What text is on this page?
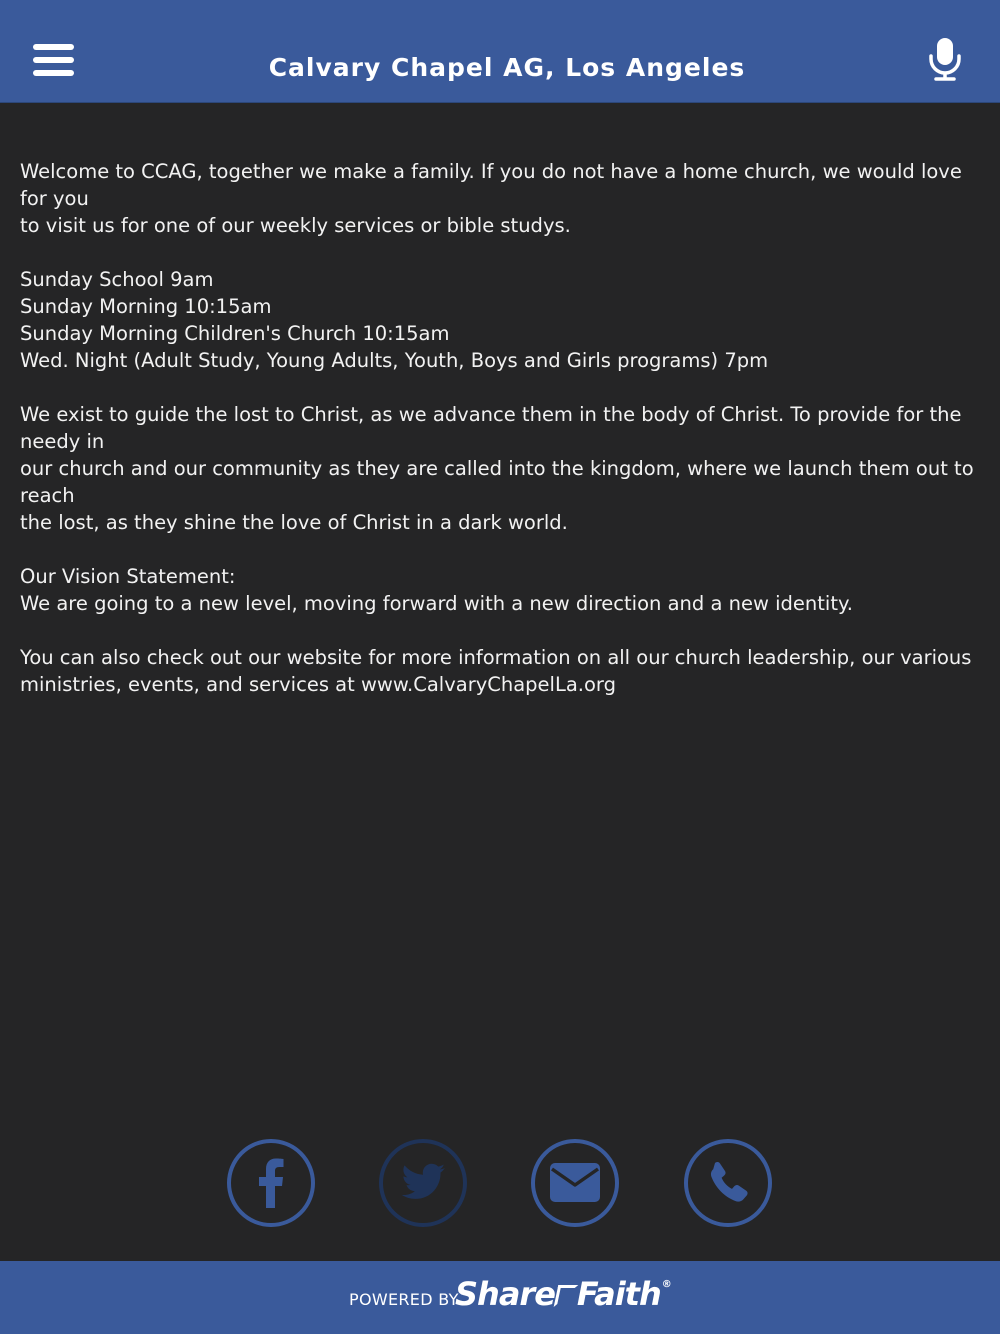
Calvary Chapel AG, Los Angeles

Welcome to CCAG, together we make a family. If you do not have a home church, we would love for you
to visit us for one of our weekly services or bible studys.

Sunday School 9am
Sunday Morning 10:15am
Sunday Morning Children's Church 10:15am
Wed. Night (Adult Study, Young Adults, Youth, Boys and Girls programs) 7pm

We exist to guide the lost to Christ, as we advance them in the body of Christ. To provide for the needy in
our church and our community as they are called into the kingdom, where we launch them out to reach
the lost, as they shine the love of Christ in a dark world.

Our Vision Statement:
We are going to a new level, moving forward with a new direction and a new identity.

You can also check out our website for more information on all our church leadership, our various
ministries, events, and services at www.CalvaryChapelLa.org

POWERED BY
Share Faith®
